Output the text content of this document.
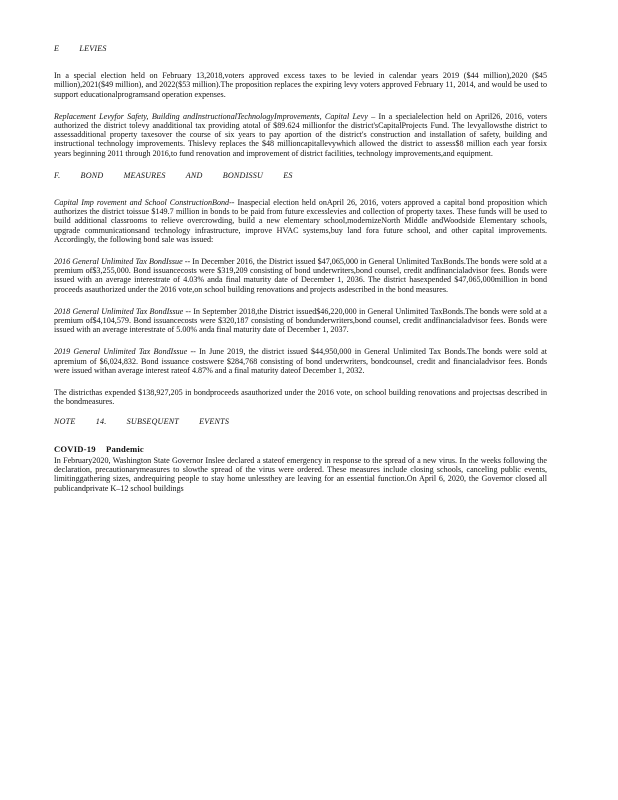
E LEVIES

In a special election held on February 13,2018,voters approved excess taxes to be levied in calendar years 2019 ($44 million),2020 ($45 million),2021($49 million), and 2022($53 million).The proposition replaces the expiring levy voters approved February 11, 2014, and would be used to support educationalprogramsand operation expenses.

Replacement Levyfor Safety, Building andInstructionalTechnologyImprovements, Capital Levy – In a specialelection held on April26, 2016, voters authorized the district tolevy anadditional tax providing atotal of $89.624 millionfor the district'sCapitalProjects Fund. The levyallowsthe district to assessadditional property taxesover the course of six years to pay aportion of the district's construction and installation of safety, building and instructional technology improvements. Thislevy replaces the $48 millioncapitallevywhich allowed the district to assess$8 million each year forsix years beginning 2011 through 2016,to fund renovation and improvement of district facilities, technology improvements,and equipment.

F. BOND MEASURES AND BONDISSU ES

Capital Imp rovement and School ConstructionBond-- Inaspecial election held onApril 26, 2016, voters approved a capital bond proposition which authorizes the district toissue $149.7 million in bonds to be paid from future excesslevies and collection of property taxes. These funds will be used to build additional classrooms to relieve overcrowding, build a new elementary school,modernizeNorth Middle andWoodside Elementary schools, upgrade communicationsand technology infrastructure, improve HVAC systems,buy land fora future school, and other capital improvements. Accordingly, the following bond sale was issued:

2016 General Unlimited Tax BondIssue -- In December 2016, the District issued $47,065,000 in General Unlimited TaxBonds.The bonds were sold at a premium of$3,255,000. Bond issuancecosts were $319,209 consisting of bond underwriters,bond counsel, credit andfinancialadvisor fees. Bonds were issued with an average interestrate of 4.03% anda final maturity date of December 1, 2036. The district hasexpended $47,065,000million in bond proceeds asauthorized under the 2016 vote,on school building renovations and projects asdescribed in the bond measures.

2018 General Unlimited Tax BondIssue -- In September 2018,the District issued$46,220,000 in General Unlimited TaxBonds.The bonds were sold at a premium of$4,104,579. Bond issuancecosts were $320,187 consisting of bondunderwriters,bond counsel, credit andfinancialadvisor fees. Bonds were issued with an average interestrate of 5.00% anda final maturity date of December 1, 2037.

2019 General Unlimited Tax BondIssue -- In June 2019, the district issued $44,950,000 in General Unlimited Tax Bonds.The bonds were sold at apremium of $6,024,832. Bond issuance costswere $284,768 consisting of bond underwriters, bondcounsel, credit and financialadvisor fees. Bonds were issued withan average interest rateof 4.87% and a final maturity dateof December 1, 2032.

The districthas expended $138,927,205 in bondproceeds asauthorized under the 2016 vote, on school building renovations and projectsas described in the bondmeasures.

NOTE 14. SUBSEQUENT EVENTS
COVID-19 Pandemic

In February2020, Washington State Governor Inslee declared a stateof emergency in response to the spread of a new virus. In the weeks following the declaration, precautionarymeasures to slowthe spread of the virus were ordered. These measures include closing schools, canceling public events, limitinggathering sizes, andrequiring people to stay home unlessthey are leaving for an essential function.On April 6, 2020, the Governor closed all publicandprivate K–12 school buildings
